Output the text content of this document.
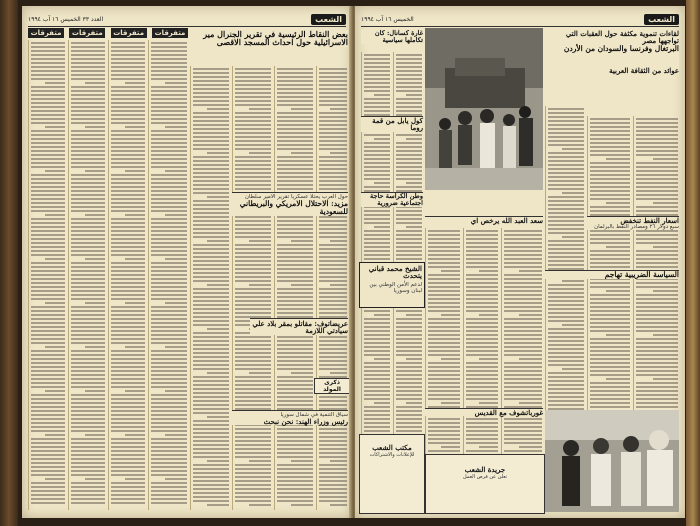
العدد ٣٣ الخميس ١٦ آب ١٩٩٤	الشعب
متفرقات	متفرقات	متفرقات	متفرقات	بعض النقاط الرئيسية في تقرير الجنرال مير
الاسرائيلية حول احداث المسجد الاقصى
حول العرب يحتلا عسكريا تقرير الامير سلطان
مزيد: الاحتلال الامريكي والبريطاني للسعودية
عريضاتوف: مقاتلو بمقر بلاد علي سيادتي اللازمة
ذكرى المولد
سياق التنمية في شمال سوريا
رئيس وزراء الهند: نحن نبحث
الخميس ١٦ آب ١٩٩٤	الشعب
لقاءات تنموية مكثفة حول العقبات التي تواجهها مصر
البرتغال وفرنسا والسودان من الأردن
عوائد من الثقافة العربية
غارة كسانال: كان تكاملها سياسية
كول يابل من قمة روما
وطن الكراسة حاجة اجتماعية ضرورية
سعد العبد الله يرخص اي
الشيخ محمد قباني يتحدث
لدعم الأمن الوطني بين لبنان وسوريا
اسعار النفط تنخفض
سبع دولار ٢٦ ومصادر النفط بالبرلمان
السياسة الضريبية تهاجم
غورباتشوف مع القديس
مكتب الشعب
للإعلانات والاشتراكات
جريدة الشعب
تعلن عن فرص العمل
